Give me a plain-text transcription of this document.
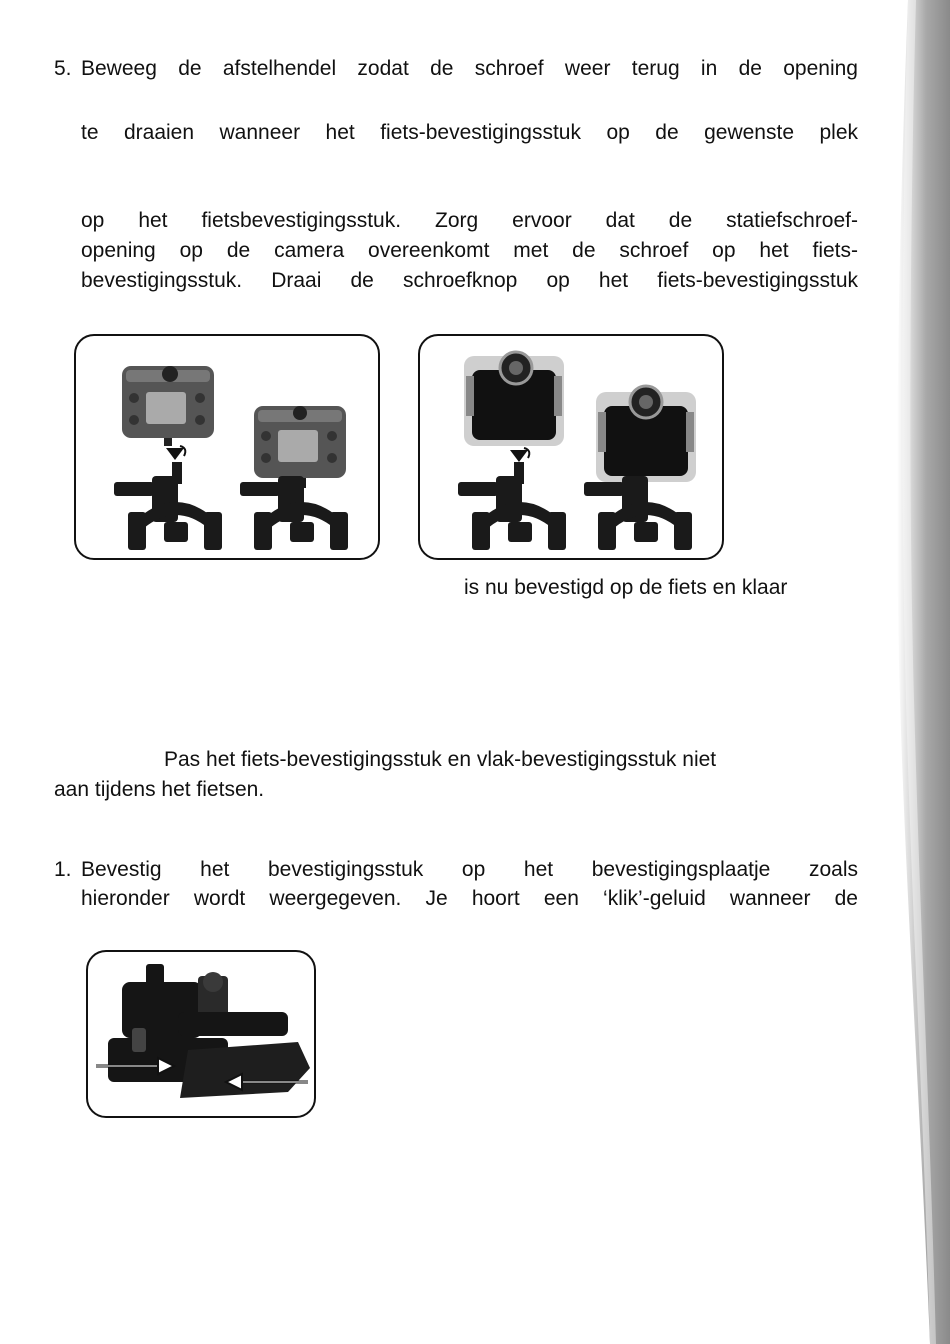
5. Beweeg de afstelhendel zodat de schroef weer terug in de opening
te draaien wanneer het fiets-bevestigingsstuk op de gewenste plek
op het fietsbevestigingsstuk. Zorg ervoor dat de statiefschroef-
opening op de camera overeenkomt met de schroef op het fiets-
bevestigingsstuk. Draai de schroefknop op het fiets-bevestigingsstuk
is nu bevestigd op de fiets en klaar
Pas het fiets-bevestigingsstuk en vlak-bevestigingsstuk niet
aan tijdens het fietsen.
1. Bevestig het bevestigingsstuk op het bevestigingsplaatje zoals
hieronder wordt weergegeven. Je hoort een ‘klik’-geluid wanneer de
